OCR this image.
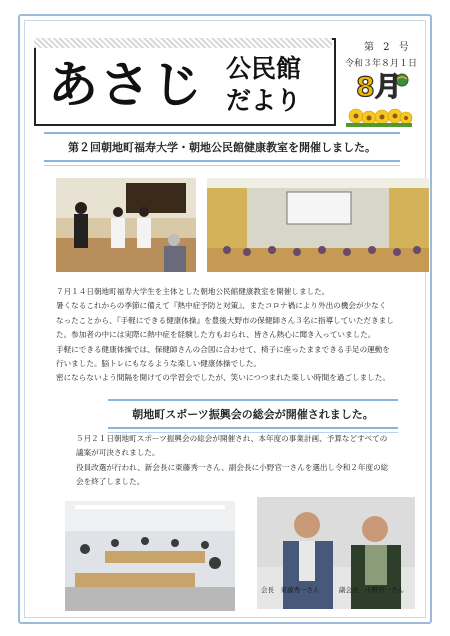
あさじ 公民館
だより
第 2 号
令和３年８月１日
8月
第２回朝地町福寿大学・朝地公民館健康教室を開催しました。

７月１４日朝地町福寿大学生を主体とした朝地公民館健康教室を開催しました。

暑くなるこれからの季節に備えて『熱中症予防と対策』、またコロナ禍により外出の機会が少なく

なったことから、『手軽にできる健康体操』を豊後大野市の保健師さん３名に指導していただきまし

た。参加者の中には実際に熱中症を経験した方もおられ、皆さん熱心に聞き入っていました。

手軽にできる健康体操では、保健師さんの合図に合わせて、椅子に座ったままできる手足の運動を

行いました。脳トレにもなるような楽しい健康体操でした。

密にならないよう間隔を開けての学習会でしたが、笑いにつつまれた楽しい時間を過ごしました。

朝地町スポーツ振興会の総会が開催されました。

５月２１日朝地町スポーツ振興会の総会が開催され、本年度の事業計画、予算などすべての

議案が可決されました。

役員改選が行われ、新会長に東藤秀一さん、副会長に小野官一さんを選出し令和２年度の総

会を終了しました。

会長　東藤秀一さん	副会長　小野官一さん
